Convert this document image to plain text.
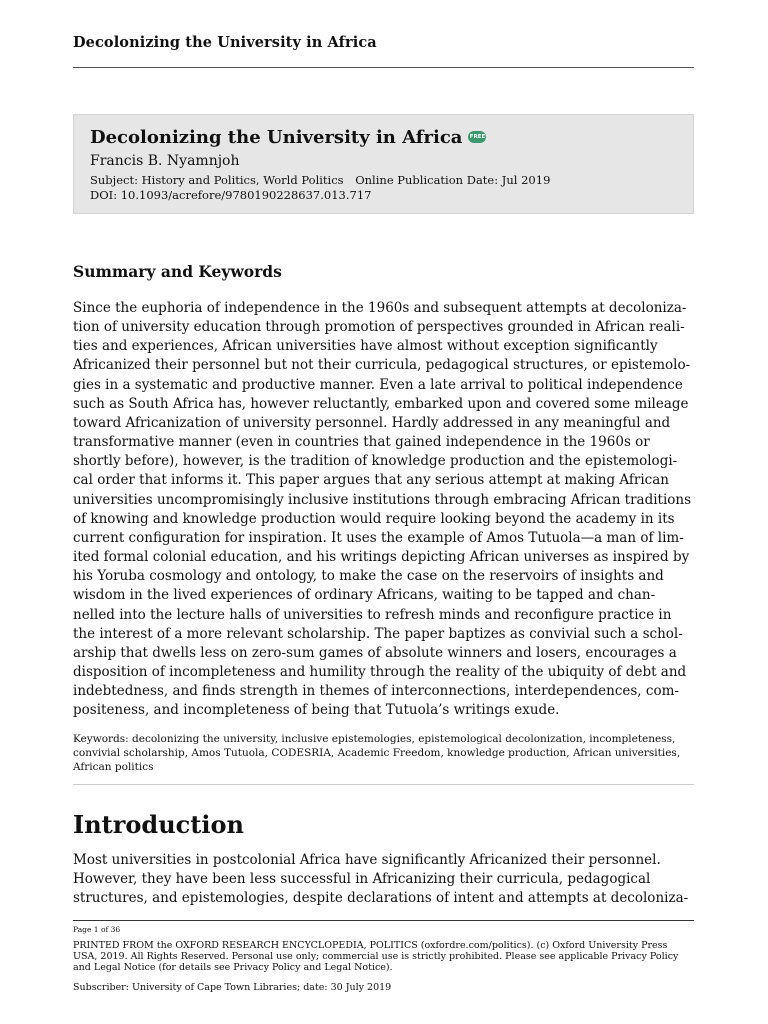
Decolonizing the University in Africa
Decolonizing the University in Africa FREE
Francis B. Nyamnjoh
Subject: History and Politics, World Politics Online Publication Date: Jul 2019
DOI: 10.1093/acrefore/9780190228637.013.717
Summary and Keywords
Since the euphoria of independence in the 1960s and subsequent attempts at decoloniza-
tion of university education through promotion of perspectives grounded in African reali-
ties and experiences, African universities have almost without exception significantly
Africanized their personnel but not their curricula, pedagogical structures, or epistemolo-
gies in a systematic and productive manner. Even a late arrival to political independence
such as South Africa has, however reluctantly, embarked upon and covered some mileage
toward Africanization of university personnel. Hardly addressed in any meaningful and
transformative manner (even in countries that gained independence in the 1960s or
shortly before), however, is the tradition of knowledge production and the epistemologi-
cal order that informs it. This paper argues that any serious attempt at making African
universities uncompromisingly inclusive institutions through embracing African traditions
of knowing and knowledge production would require looking beyond the academy in its
current configuration for inspiration. It uses the example of Amos Tutuola—a man of lim-
ited formal colonial education, and his writings depicting African universes as inspired by
his Yoruba cosmology and ontology, to make the case on the reservoirs of insights and
wisdom in the lived experiences of ordinary Africans, waiting to be tapped and chan-
nelled into the lecture halls of universities to refresh minds and reconfigure practice in
the interest of a more relevant scholarship. The paper baptizes as convivial such a schol-
arship that dwells less on zero-sum games of absolute winners and losers, encourages a
disposition of incompleteness and humility through the reality of the ubiquity of debt and
indebtedness, and finds strength in themes of interconnections, interdependences, com-
positeness, and incompleteness of being that Tutuola’s writings exude.
Keywords: decolonizing the university, inclusive epistemologies, epistemological decolonization, incompleteness,
convivial scholarship, Amos Tutuola, CODESRIA, Academic Freedom, knowledge production, African universities,
African politics
Introduction
Most universities in postcolonial Africa have significantly Africanized their personnel.
However, they have been less successful in Africanizing their curricula, pedagogical
structures, and epistemologies, despite declarations of intent and attempts at decoloniza-
Page 1 of 36
PRINTED FROM the OXFORD RESEARCH ENCYCLOPEDIA, POLITICS (oxfordre.com/politics). (c) Oxford University Press
USA, 2019. All Rights Reserved. Personal use only; commercial use is strictly prohibited. Please see applicable Privacy Policy
and Legal Notice (for details see Privacy Policy and Legal Notice).
Subscriber: University of Cape Town Libraries; date: 30 July 2019
